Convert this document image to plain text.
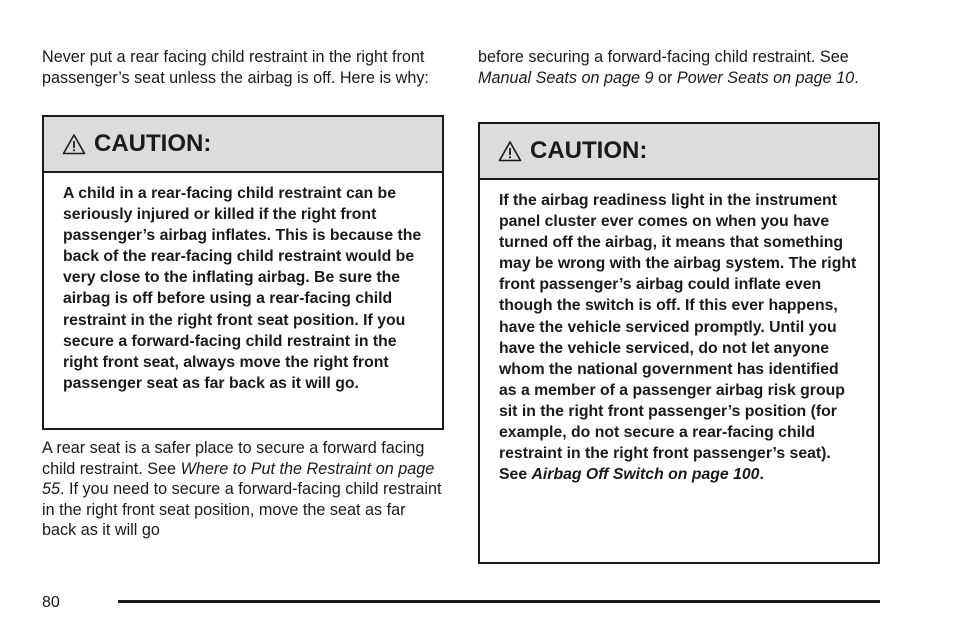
Never put a rear facing child restraint in the right front passenger’s seat unless the airbag is off. Here is why:

CAUTION:
A child in a rear-facing child restraint can be seriously injured or killed if the right front passenger’s airbag inflates. This is because the back of the rear-facing child restraint would be very close to the inflating airbag. Be sure the airbag is off before using a rear-facing child restraint in the right front seat position. If you secure a forward-facing child restraint in the right front seat, always move the right front passenger seat as far back as it will go.

A rear seat is a safer place to secure a forward facing child restraint. See Where to Put the Restraint on page 55. If you need to secure a forward-facing child restraint in the right front seat position, move the seat as far back as it will go

before securing a forward-facing child restraint. See Manual Seats on page 9 or Power Seats on page 10.

CAUTION:
If the airbag readiness light in the instrument panel cluster ever comes on when you have turned off the airbag, it means that something may be wrong with the airbag system. The right front passenger’s airbag could inflate even though the switch is off. If this ever happens, have the vehicle serviced promptly. Until you have the vehicle serviced, do not let anyone whom the national government has identified as a member of a passenger airbag risk group sit in the right front passenger’s position (for example, do not secure a rear-facing child restraint in the right front passenger’s seat). See Airbag Off Switch on page 100.
80
